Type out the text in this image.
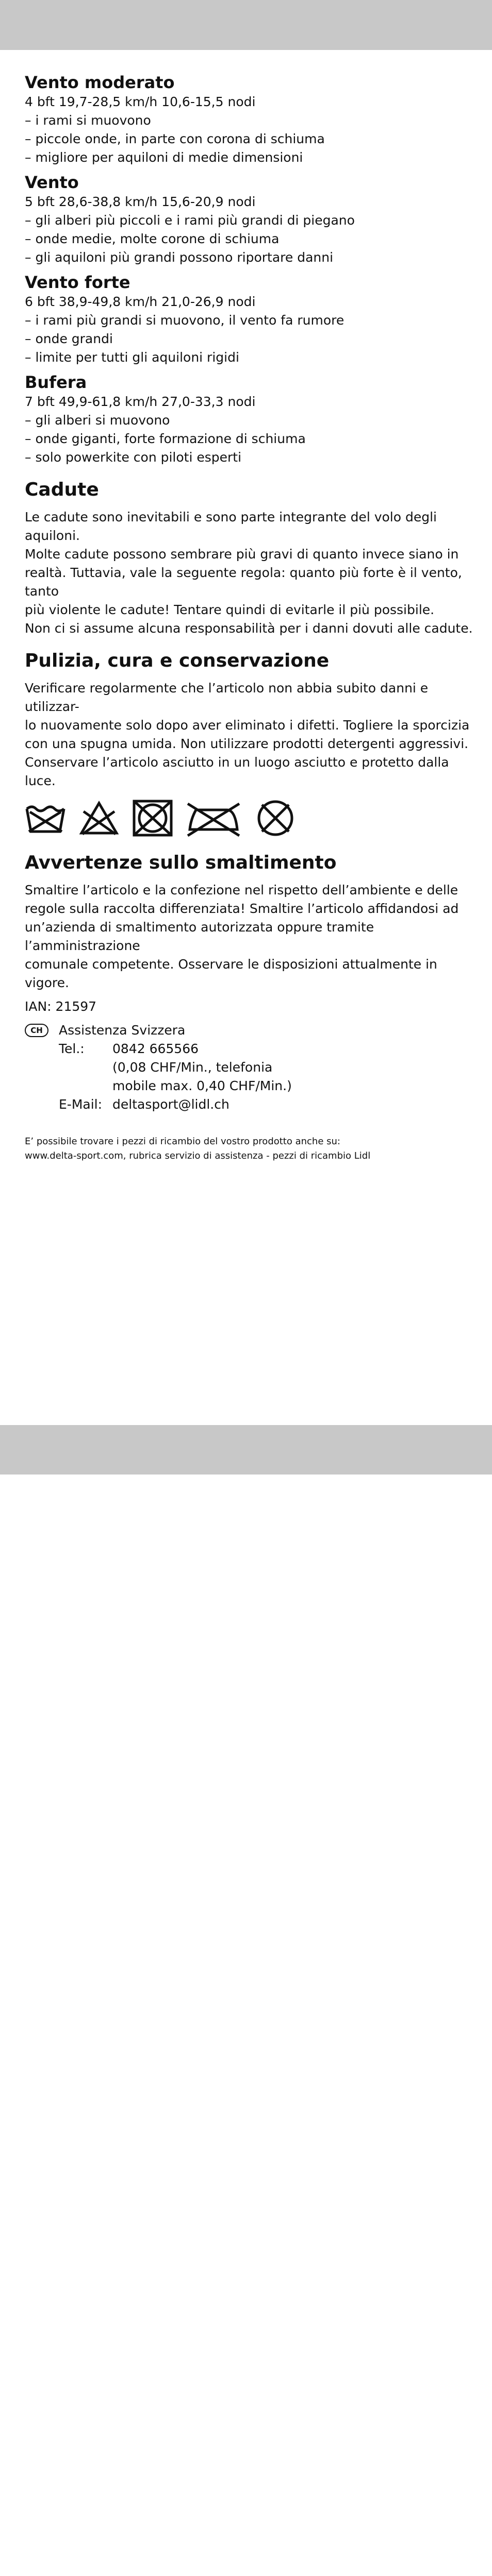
Vento moderato

4 bft 19,7-28,5 km/h 10,6-15,5 nodi

– i rami si muovono

– piccole onde, in parte con corona di schiuma

– migliore per aquiloni di medie dimensioni

Vento

5 bft 28,6-38,8 km/h 15,6-20,9 nodi

– gli alberi più piccoli e i rami più grandi di piegano

– onde medie, molte corone di schiuma

– gli aquiloni più grandi possono riportare danni

Vento forte

6 bft 38,9-49,8 km/h 21,0-26,9 nodi

– i rami più grandi si muovono, il vento fa rumore

– onde grandi

– limite per tutti gli aquiloni rigidi

Bufera

7 bft 49,9-61,8 km/h 27,0-33,3 nodi

– gli alberi si muovono

– onde giganti, forte formazione di schiuma

– solo powerkite con piloti esperti

Cadute

Le cadute sono inevitabili e sono parte integrante del volo degli aquiloni.

Molte cadute possono sembrare più gravi di quanto invece siano in

realtà. Tuttavia, vale la seguente regola: quanto più forte è il vento, tanto

più violente le cadute! Tentare quindi di evitarle il più possibile.

Non ci si assume alcuna responsabilità per i danni dovuti alle cadute.

Pulizia, cura e conservazione

Verificare regolarmente che l’articolo non abbia subito danni e utilizzar-

lo nuovamente solo dopo aver eliminato i difetti. Togliere la sporcizia

con una spugna umida. Non utilizzare prodotti detergenti aggressivi.

Conservare l’articolo asciutto in un luogo asciutto e protetto dalla luce.

Avvertenze sullo smaltimento

Smaltire l’articolo e la confezione nel rispetto dell’ambiente e delle

regole sulla raccolta differenziata! Smaltire l’articolo affidandosi ad

un’azienda di smaltimento autorizzata oppure tramite l’amministrazione

comunale competente. Osservare le disposizioni attualmente in vigore.

IAN: 21597
CH	Assistenza Svizzera
Tel.:	0842 665566
(0,08 CHF/Min., telefonia
mobile max. 0,40 CHF/Min.)
E-Mail: deltasport@lidl.ch

E’ possibile trovare i pezzi di ricambio del vostro prodotto anche su:

www.delta-sport.com, rubrica servizio di assistenza - pezzi di ricambio Lidl
